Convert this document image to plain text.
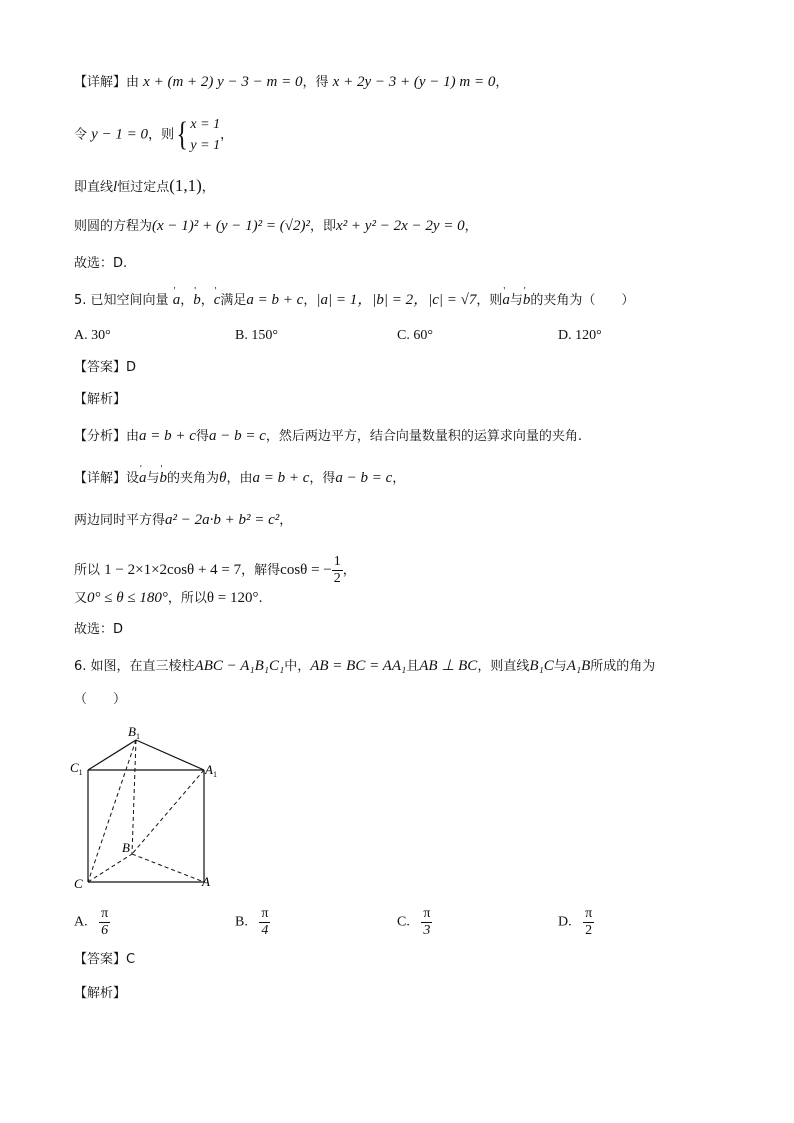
【详解】由 x + (m + 2) y − 3 − m = 0，得 x + 2y − 3 + (y − 1) m = 0，
令 y − 1 = 0，则{ x = 1
y = 1
，
即直线l恒过定点(1,1)，
则圆的方程为(x − 1)² + (y − 1)² = (√2)²，即x² + y² − 2x − 2y = 0，
故选：D.
5. 已知空间向量 ' a，' b，' c满足a = b + c，|a| = 1，|b| = 2，|c| = √7，则' a与' b的夹角为（　　）
A. 30°	B. 150°	C. 60°	D. 120°
【答案】D
【解析】
【分析】由a = b + c得a − b = c，然后两边平方，结合向量数量积的运算求向量的夹角.
【详解】设' a与' b的夹角为θ，由a = b + c，得a − b = c，
两边同时平方得a² − 2a·b + b² = c²，
所以 1 − 2×1×2cosθ + 4 = 7，解得cosθ = − $\frac{1}{2}$ ，
又0° ≤ θ ≤ 180°，所以θ = 120°.
故选：D
6. 如图，在直三棱柱ABC − A₁B₁C₁中，AB = BC = AA₁且AB ⊥ BC，则直线B₁C与A₁B所成的角为
（　　）
$B_1$
$C_1$	$A_1$
B
C	A
A. $\frac{\pi}{6}$	B. $\frac{\pi}{4}$	C. $\frac{\pi}{3}$	D. $\frac{\pi}{2}$
【答案】C
【解析】
